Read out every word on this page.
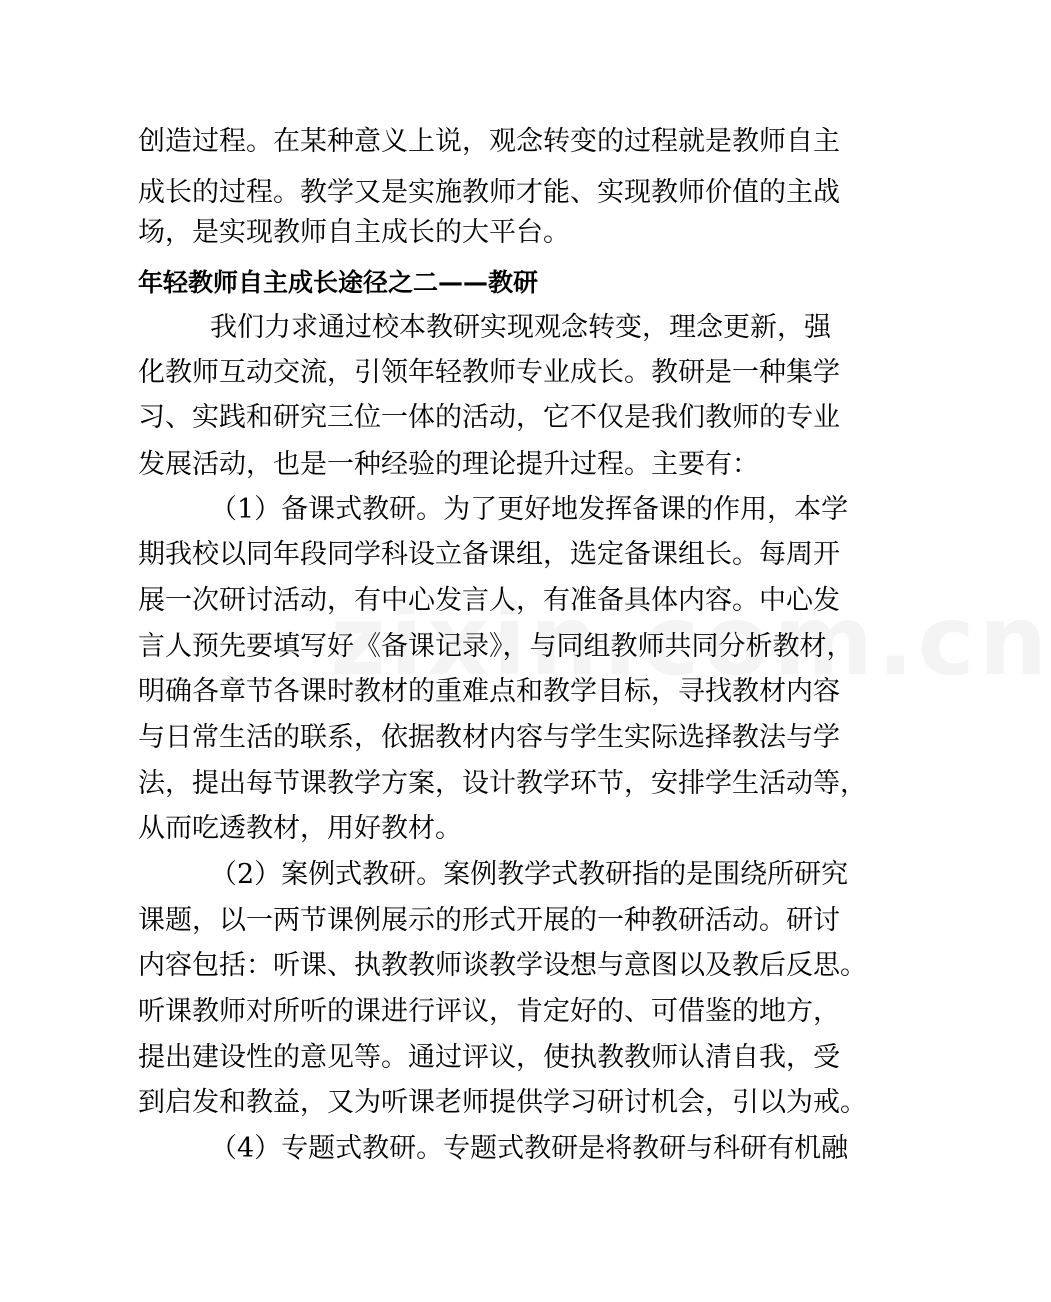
创造过程。在某种意义上说，观念转变的过程就是教师自主
成长的过程。教学又是实施教师才能、实现教师价值的主战
场，是实现教师自主成长的大平台。
年轻教师自主成长途径之二——教研
我们力求通过校本教研实现观念转变，理念更新，强
化教师互动交流，引领年轻教师专业成长。教研是一种集学
习、实践和研究三位一体的活动，它不仅是我们教师的专业
发展活动，也是一种经验的理论提升过程。主要有：
（1）备课式教研。为了更好地发挥备课的作用，本学
期我校以同年段同学科设立备课组，选定备课组长。每周开
展一次研讨活动，有中心发言人，有准备具体内容。中心发
言人预先要填写好《备课记录》，与同组教师共同分析教材，
明确各章节各课时教材的重难点和教学目标，寻找教材内容
与日常生活的联系，依据教材内容与学生实际选择教法与学
法，提出每节课教学方案，设计教学环节，安排学生活动等，
从而吃透教材，用好教材。
（2）案例式教研。案例教学式教研指的是围绕所研究
课题，以一两节课例展示的形式开展的一种教研活动。研讨
内容包括：听课、执教教师谈教学设想与意图以及教后反思。
听课教师对所听的课进行评议，肯定好的、可借鉴的地方，
提出建设性的意见等。通过评议，使执教教师认清自我，受
到启发和教益，又为听课老师提供学习研讨机会，引以为戒。
（4）专题式教研。专题式教研是将教研与科研有机融
